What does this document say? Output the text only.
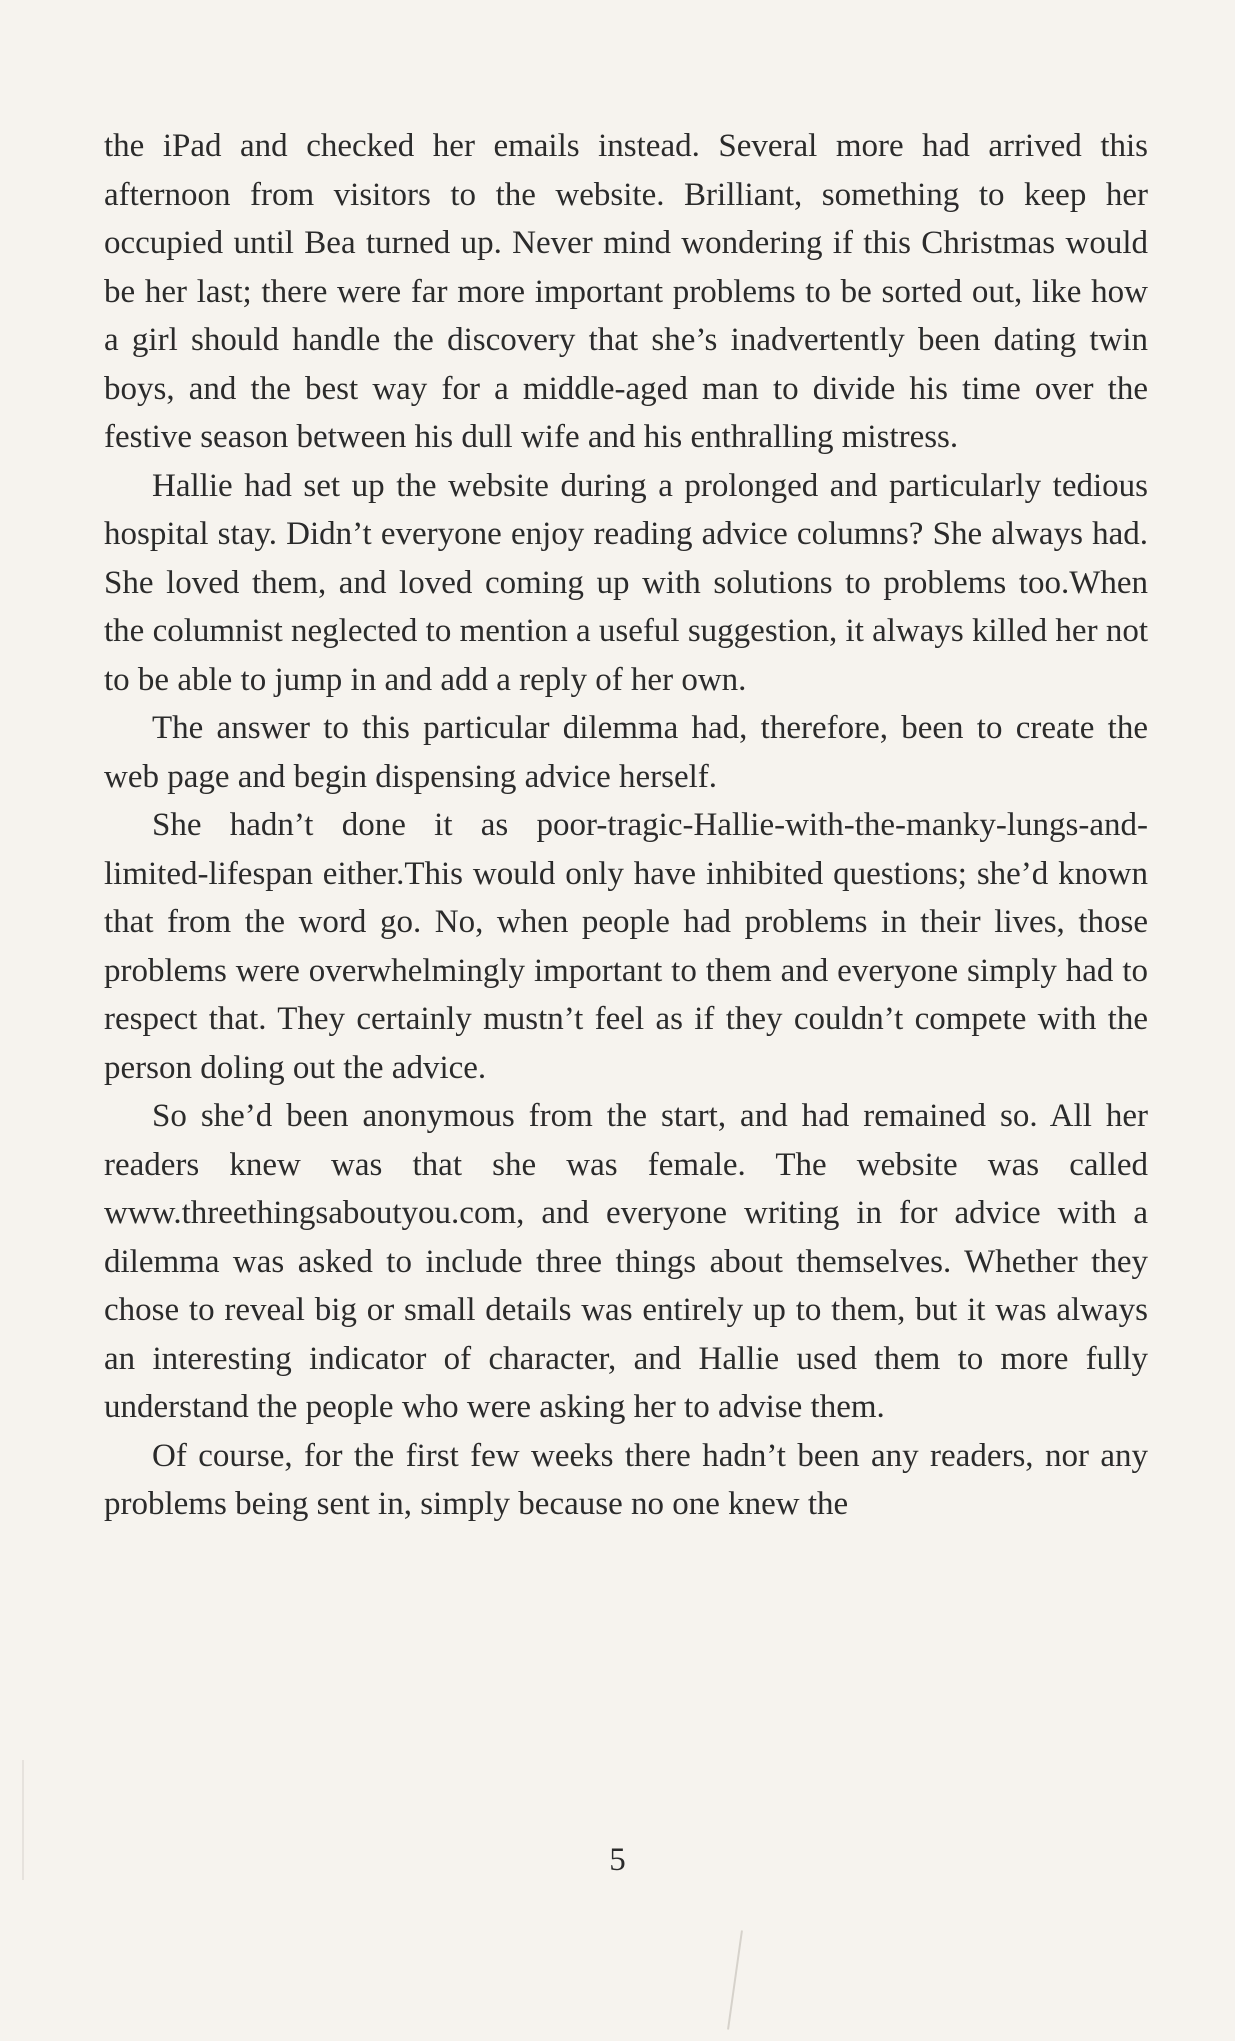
the iPad and checked her emails instead. Several more had arrived this afternoon from visitors to the website. Brilliant, something to keep her occupied until Bea turned up. Never mind wondering if this Christmas would be her last; there were far more important problems to be sorted out, like how a girl should handle the discovery that she’s inadvertently been dating twin boys, and the best way for a middle-aged man to divide his time over the festive season between his dull wife and his enthralling mistress.

Hallie had set up the website during a prolonged and particularly tedious hospital stay. Didn’t everyone enjoy reading advice columns? She always had. She loved them, and loved coming up with solutions to problems too.When the columnist neglected to mention a useful suggestion, it always killed her not to be able to jump in and add a reply of her own.

The answer to this particular dilemma had, therefore, been to create the web page and begin dispensing advice herself.

She hadn’t done it as poor-tragic-Hallie-with-the-manky-lungs-and-limited-lifespan either.This would only have inhibited questions; she’d known that from the word go. No, when people had problems in their lives, those problems were overwhelmingly important to them and everyone simply had to respect that. They certainly mustn’t feel as if they couldn’t compete with the person doling out the advice.

So she’d been anonymous from the start, and had remained so. All her readers knew was that she was female. The website was called www.threethingsaboutyou.com, and everyone writing in for advice with a dilemma was asked to include three things about themselves. Whether they chose to reveal big or small details was entirely up to them, but it was always an interesting indicator of character, and Hallie used them to more fully understand the people who were asking her to advise them.

Of course, for the first few weeks there hadn’t been any readers, nor any problems being sent in, simply because no one knew the

5
